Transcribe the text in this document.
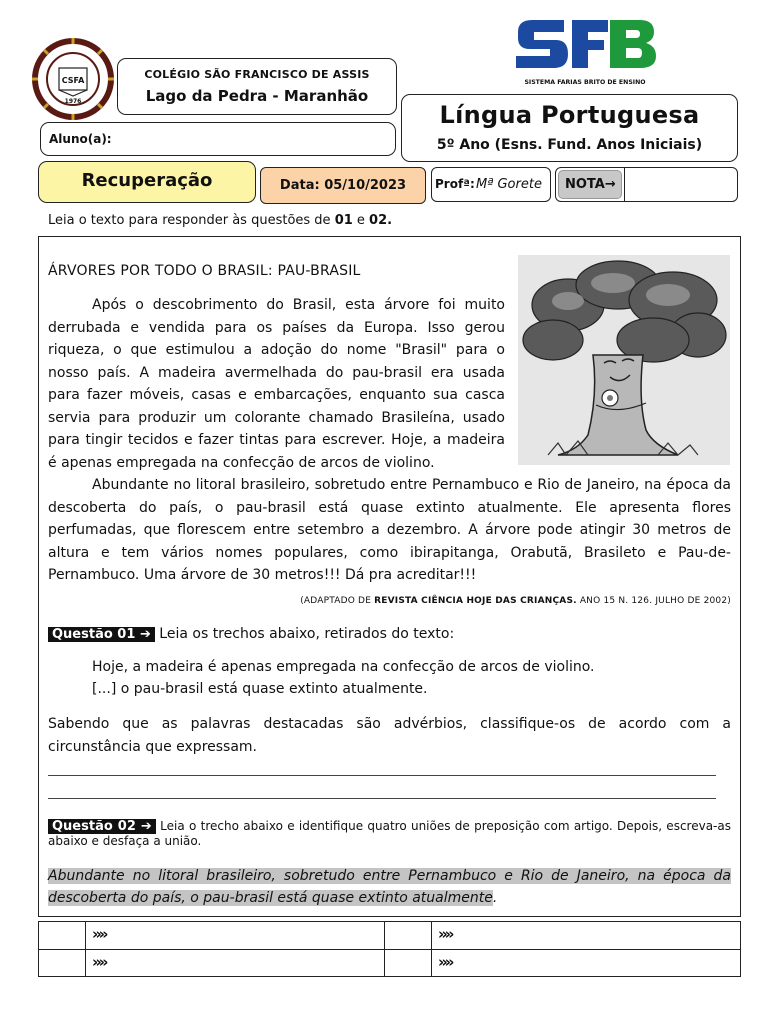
CSFA
1976
COLÉGIO SÃO FRANCISCO DE ASSIS
Lago da Pedra - Maranhão
SISTEMA FARIAS BRITO DE ENSINO
Língua Portuguesa
5º Ano (Esns. Fund. Anos Iniciais)
Aluno(a):
Recuperação	Data: 05/10/2023	Profª: Mª Gorete	NOTA→
Leia o texto para responder às questões de 01 e 02.
ÁRVORES POR TODO O BRASIL: PAU-BRASIL
Após o descobrimento do Brasil, esta árvore foi muito derrubada e vendida para os países da Europa. Isso gerou riqueza, o que estimulou a adoção do nome "Brasil" para o nosso país. A madeira avermelhada do pau-brasil era usada para fazer móveis, casas e embarcações, enquanto sua casca servia para produzir um colorante chamado Brasileína, usado para tingir tecidos e fazer tintas para escrever. Hoje, a madeira é apenas empregada na confecção de arcos de violino.
Abundante no litoral brasileiro, sobretudo entre Pernambuco e Rio de Janeiro, na época da descoberta do país, o pau-brasil está quase extinto atualmente. Ele apresenta flores perfumadas, que florescem entre setembro a dezembro. A árvore pode atingir 30 metros de altura e tem vários nomes populares, como ibirapitanga, Orabutã, Brasileto e Pau-de-Pernambuco. Uma árvore de 30 metros!!! Dá pra acreditar!!!
(ADAPTADO DE REVISTA CIÊNCIA HOJE DAS CRIANÇAS. ANO 15 N. 126. JULHO DE 2002)
Questão 01 ➔ Leia os trechos abaixo, retirados do texto:
Hoje, a madeira é apenas empregada na confecção de arcos de violino.
[...] o pau-brasil está quase extinto atualmente.
Sabendo que as palavras destacadas são advérbios, classifique-os de acordo com a circunstância que expressam.
Questão 02 ➔ Leia o trecho abaixo e identifique quatro uniões de preposição com artigo. Depois, escreva-as abaixo e desfaça a união.
Abundante no litoral brasileiro, sobretudo entre Pernambuco e Rio de Janeiro, na época da descoberta do país, o pau-brasil está quase extinto atualmente.
»»	»»
»»	»»
